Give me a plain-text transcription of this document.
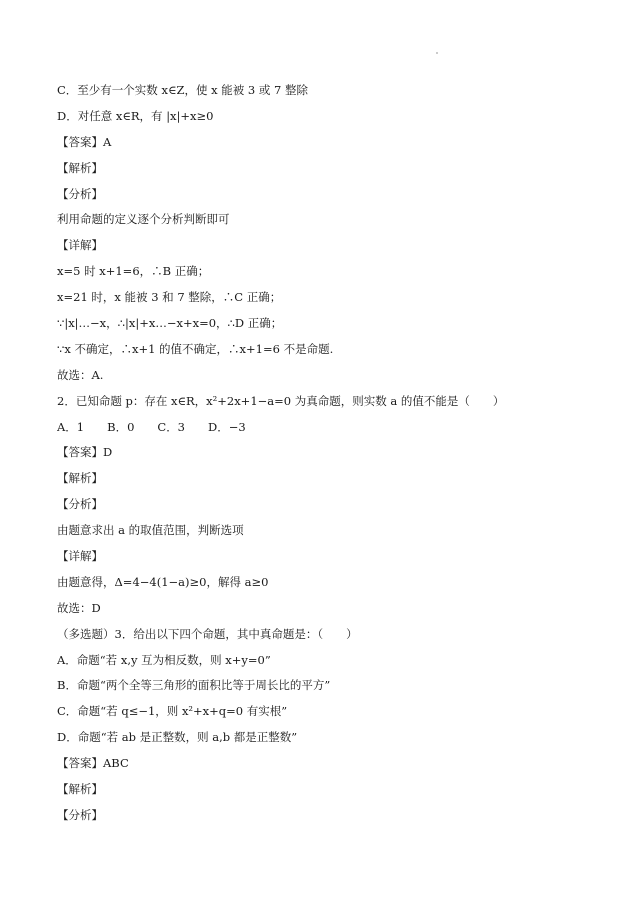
C．至少有一个实数 x∈Z，使 x 能被 3 或 7 整除
D．对任意 x∈R，有 |x|+x≥0
【答案】A
【解析】
【分析】
利用命题的定义逐个分析判断即可
【详解】
x=5 时 x+1=6，∴B 正确；
x=21 时，x 能被 3 和 7 整除，∴C 正确；
∵|x|…−x，∴|x|+x…−x+x=0，∴D 正确；
∵x 不确定，∴x+1 的值不确定，∴x+1=6 不是命题.
故选：A.
2．已知命题 p：存在 x∈R，x²+2x+1−a=0 为真命题，则实数 a 的值不能是（　　）
A．1　　B．0　　C．3　　D．−3
【答案】D
【解析】
【分析】
由题意求出 a 的取值范围，判断选项
【详解】
由题意得，Δ=4−4(1−a)≥0，解得 a≥0
故选：D
（多选题）3．给出以下四个命题，其中真命题是：（　　）
A．命题“若 x,y 互为相反数，则 x+y=0”
B．命题“两个全等三角形的面积比等于周长比的平方”
C．命题“若 q≤−1，则 x²+x+q=0 有实根”
D．命题“若 ab 是正整数，则 a,b 都是正整数”
【答案】ABC
【解析】
【分析】
